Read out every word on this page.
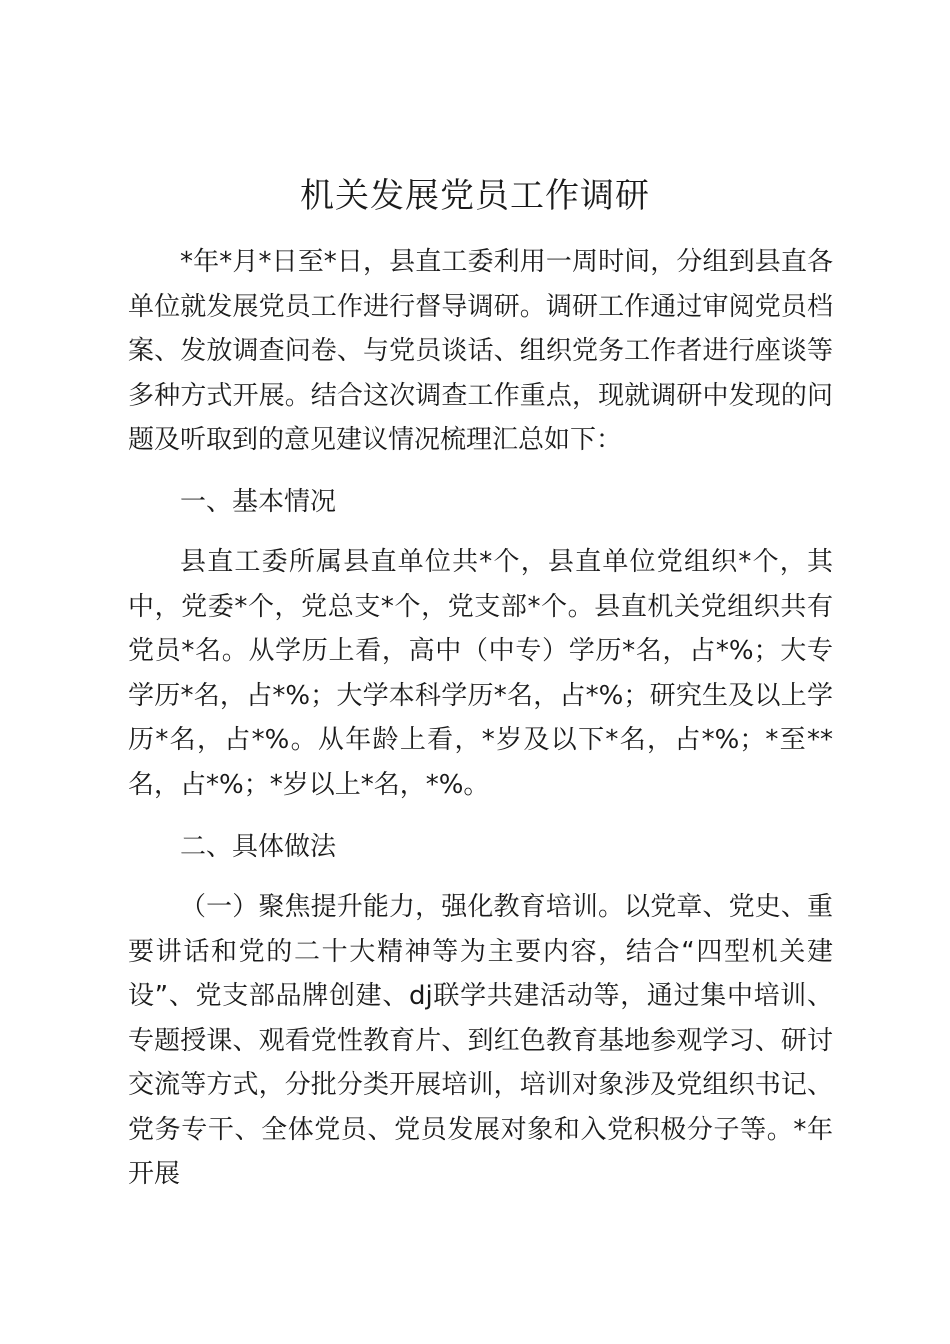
机关发展党员工作调研

*年*月*日至*日，县直工委利用一周时间，分组到县直各单位就发展党员工作进行督导调研。调研工作通过审阅党员档案、发放调查问卷、与党员谈话、组织党务工作者进行座谈等多种方式开展。结合这次调查工作重点，现就调研中发现的问题及听取到的意见建议情况梳理汇总如下：

一、基本情况

县直工委所属县直单位共*个，县直单位党组织*个，其中，党委*个，党总支*个，党支部*个。县直机关党组织共有党员*名。从学历上看，高中（中专）学历*名，占*%；大专学历*名，占*%；大学本科学历*名，占*%；研究生及以上学历*名，占*%。从年龄上看，*岁及以下*名，占*%；*至**名，占*%；*岁以上*名，*%。

二、具体做法

（一）聚焦提升能力，强化教育培训。以党章、党史、重要讲话和党的二十大精神等为主要内容，结合“四型机关建设”、党支部品牌创建、dj联学共建活动等，通过集中培训、专题授课、观看党性教育片、到红色教育基地参观学习、研讨交流等方式，分批分类开展培训，培训对象涉及党组织书记、党务专干、全体党员、党员发展对象和入党积极分子等。*年开展
